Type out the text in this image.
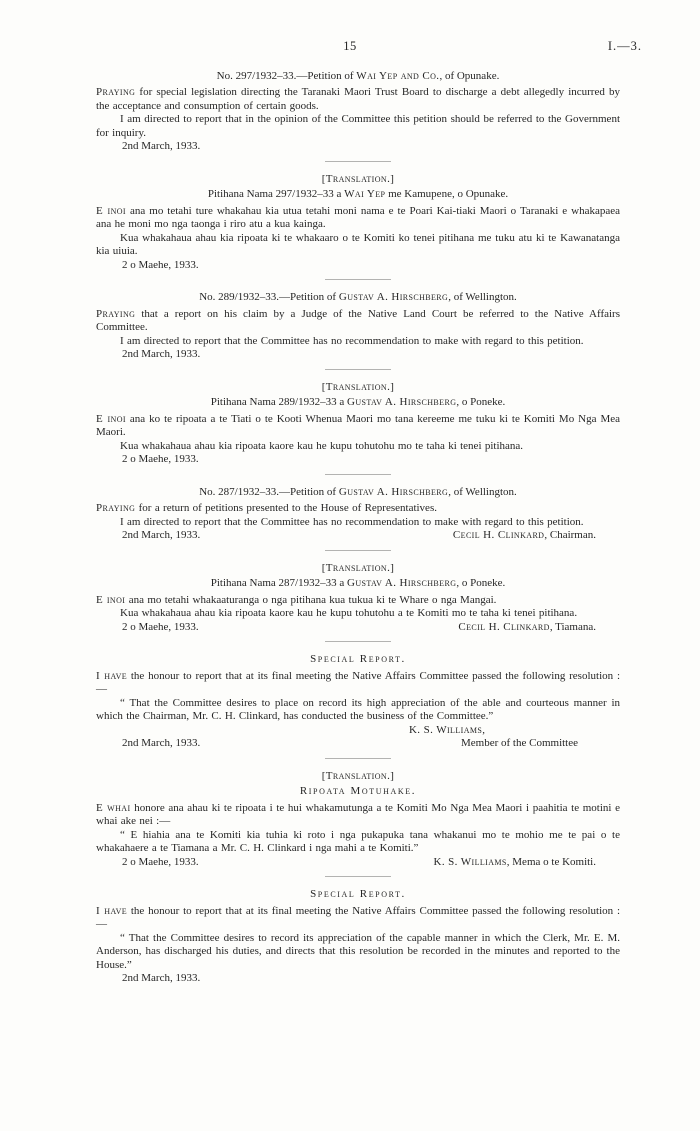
15	I.—3.
No. 297/1932–33.—Petition of Wai Yep and Co., of Opunake.

Praying for special legislation directing the Taranaki Maori Trust Board to discharge a debt allegedly incurred by the acceptance and consumption of certain goods.

I am directed to report that in the opinion of the Committee this petition should be referred to the Government for inquiry.

2nd March, 1933.
[Translation.]
Pitihana Nama 297/1932–33 a Wai Yep me Kamupene, o Opunake.

E inoi ana mo tetahi ture whakahau kia utua tetahi moni nama e te Poari Kai-tiaki Maori o Taranaki e whakapaea ana he moni mo nga taonga i riro atu a kua kainga.

Kua whakahaua ahau kia ripoata ki te whakaaro o te Komiti ko tenei pitihana me tuku atu ki te Kawanatanga kia uiuia.

2 o Maehe, 1933.
No. 289/1932–33.—Petition of Gustav A. Hirschberg, of Wellington.

Praying that a report on his claim by a Judge of the Native Land Court be referred to the Native Affairs Committee.

I am directed to report that the Committee has no recommendation to make with regard to this petition.

2nd March, 1933.
[Translation.]
Pitihana Nama 289/1932–33 a Gustav A. Hirschberg, o Poneke.

E inoi ana ko te ripoata a te Tiati o te Kooti Whenua Maori mo tana kereeme me tuku ki te Komiti Mo Nga Mea Maori.

Kua whakahaua ahau kia ripoata kaore kau he kupu tohutohu mo te taha ki tenei pitihana.

2 o Maehe, 1933.
No. 287/1932–33.—Petition of Gustav A. Hirschberg, of Wellington.

Praying for a return of petitions presented to the House of Representatives.

I am directed to report that the Committee has no recommendation to make with regard to this petition.

2nd March, 1933.	Cecil H. Clinkard, Chairman.
[Translation.]
Pitihana Nama 287/1932–33 a Gustav A. Hirschberg, o Poneke.

E inoi ana mo tetahi whakaaturanga o nga pitihana kua tukua ki te Whare o nga Mangai.

Kua whakahaua ahau kia ripoata kaore kau he kupu tohutohu a te Komiti mo te taha ki tenei pitihana.

2 o Maehe, 1933.	Cecil H. Clinkard, Tiamana.
Special Report.

I have the honour to report that at its final meeting the Native Affairs Committee passed the following resolution :—

“ That the Committee desires to place on record its high appreciation of the able and courteous manner in which the Chairman, Mr. C. H. Clinkard, has conducted the business of the Committee.”

K. S. Williams,
2nd March, 1933.	Member of the Committee
[Translation.]
Ripoata Motuhake.

E whai honore ana ahau ki te ripoata i te hui whakamutunga a te Komiti Mo Nga Mea Maori i paahitia te motini e whai ake nei :—

“ E hiahia ana te Komiti kia tuhia ki roto i nga pukapuka tana whakanui mo te mohio me te pai o te whakahaere a te Tiamana a Mr. C. H. Clinkard i nga mahi a te Komiti.”

2 o Maehe, 1933.	K. S. Williams, Mema o te Komiti.
Special Report.

I have the honour to report that at its final meeting the Native Affairs Committee passed the following resolution :—

“ That the Committee desires to record its appreciation of the capable manner in which the Clerk, Mr. E. M. Anderson, has discharged his duties, and directs that this resolution be recorded in the minutes and reported to the House.”

2nd March, 1933.
